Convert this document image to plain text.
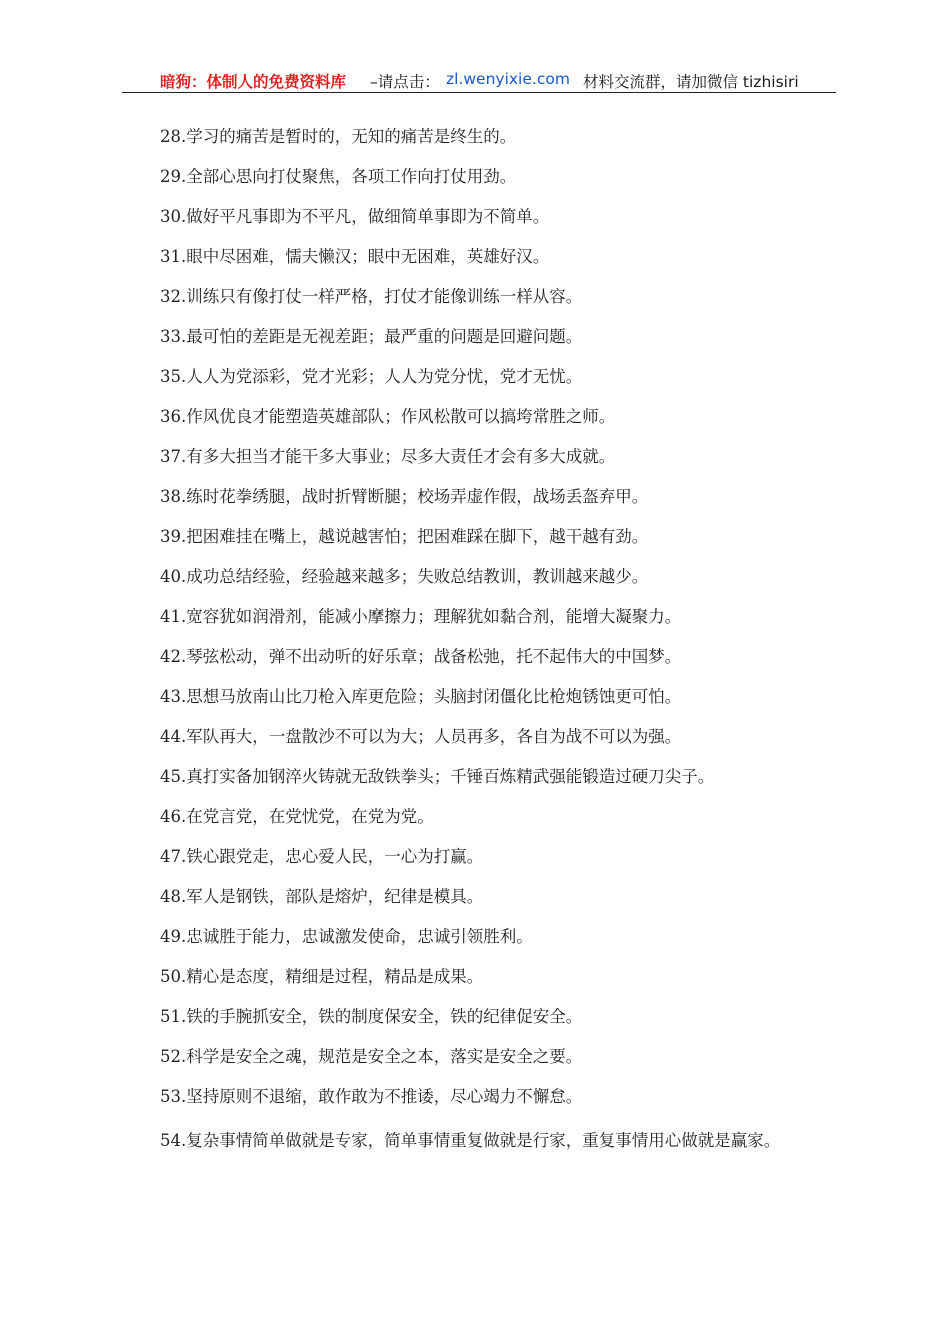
暗狗：体制人的免费资料库 –请点击： zl.wenyixie.com 材料交流群，请加微信 tizhisiri
28.学习的痛苦是暂时的，无知的痛苦是终生的。
29.全部心思向打仗聚焦，各项工作向打仗用劲。
30.做好平凡事即为不平凡，做细简单事即为不简单。
31.眼中尽困难，懦夫懒汉；眼中无困难，英雄好汉。
32.训练只有像打仗一样严格，打仗才能像训练一样从容。
33.最可怕的差距是无视差距；最严重的问题是回避问题。
35.人人为党添彩，党才光彩；人人为党分忧，党才无忧。
36.作风优良才能塑造英雄部队；作风松散可以搞垮常胜之师。
37.有多大担当才能干多大事业；尽多大责任才会有多大成就。
38.练时花拳绣腿，战时折臂断腿；校场弄虚作假，战场丢盔弃甲。
39.把困难挂在嘴上，越说越害怕；把困难踩在脚下，越干越有劲。
40.成功总结经验，经验越来越多；失败总结教训，教训越来越少。
41.宽容犹如润滑剂，能减小摩擦力；理解犹如黏合剂，能增大凝聚力。
42.琴弦松动，弹不出动听的好乐章；战备松弛，托不起伟大的中国梦。
43.思想马放南山比刀枪入库更危险；头脑封闭僵化比枪炮锈蚀更可怕。
44.军队再大，一盘散沙不可以为大；人员再多，各自为战不可以为强。
45.真打实备加钢淬火铸就无敌铁拳头；千锤百炼精武强能锻造过硬刀尖子。
46.在党言党，在党忧党，在党为党。
47.铁心跟党走，忠心爱人民，一心为打赢。
48.军人是钢铁，部队是熔炉，纪律是模具。
49.忠诚胜于能力，忠诚激发使命，忠诚引领胜利。
50.精心是态度，精细是过程，精品是成果。
51.铁的手腕抓安全，铁的制度保安全，铁的纪律促安全。
52.科学是安全之魂，规范是安全之本，落实是安全之要。
53.坚持原则不退缩，敢作敢为不推诿，尽心竭力不懈怠。
54.复杂事情简单做就是专家，简单事情重复做就是行家，重复事情用心做就是赢家。
